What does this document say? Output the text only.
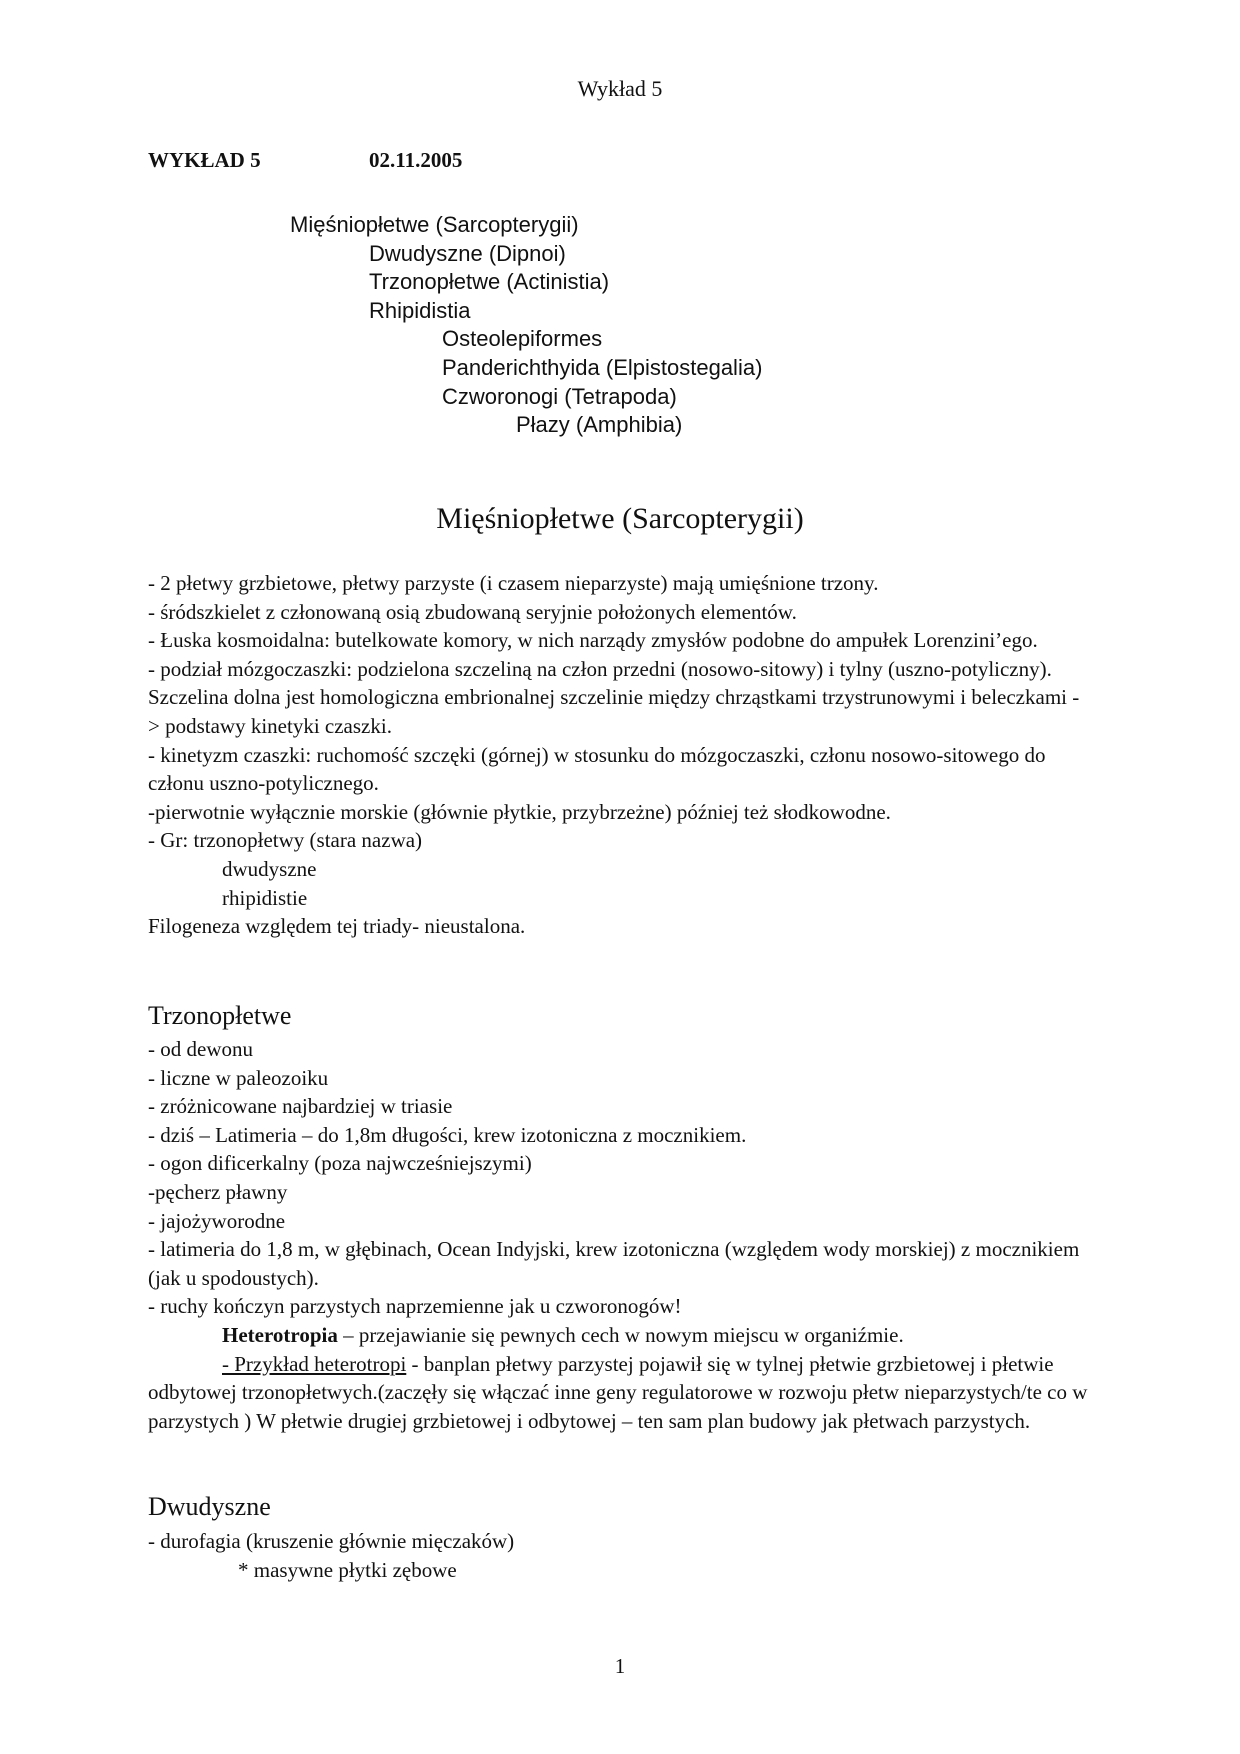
Wykład 5
WYKŁAD 5	02.11.2005
Mięśniopłetwe (Sarcopterygii)
Dwudyszne (Dipnoi)
Trzonopłetwe (Actinistia)
Rhipidistia
Osteolepiformes
Panderichthyida (Elpistostegalia)
Czworonogi (Tetrapoda)
Płazy (Amphibia)
Mięśniopłetwe (Sarcopterygii)

- 2 płetwy grzbietowe, płetwy parzyste (i czasem nieparzyste) mają umięśnione trzony.

- śródszkielet z członowaną osią zbudowaną seryjnie położonych elementów.

- Łuska kosmoidalna: butelkowate komory, w nich narządy zmysłów podobne do ampułek Lorenzini’ego.

- podział mózgoczaszki: podzielona szczeliną na człon przedni (nosowo-sitowy) i tylny (uszno-potyliczny). Szczelina dolna jest homologiczna embrionalnej szczelinie między chrząstkami trzystrunowymi i beleczkami -> podstawy kinetyki czaszki.

- kinetyzm czaszki: ruchomość szczęki (górnej) w stosunku do mózgoczaszki, członu nosowo-sitowego do członu uszno-potylicznego.

-pierwotnie wyłącznie morskie (głównie płytkie, przybrzeżne) później też słodkowodne.

- Gr: trzonopłetwy (stara nazwa)

dwudyszne

rhipidistie

Filogeneza względem tej triady- nieustalona.

Trzonopłetwe

- od dewonu

- liczne w paleozoiku

- zróżnicowane najbardziej w triasie

- dziś – Latimeria – do 1,8m długości, krew izotoniczna z mocznikiem.

- ogon dificerkalny (poza najwcześniejszymi)

-pęcherz pławny

- jajożyworodne

- latimeria do 1,8 m, w głębinach, Ocean Indyjski, krew izotoniczna (względem wody morskiej) z mocznikiem (jak u spodoustych).

- ruchy kończyn parzystych naprzemienne jak u czworonogów!

Heterotropia – przejawianie się pewnych cech w nowym miejscu w organiźmie.

- Przykład heterotropi - banplan płetwy parzystej pojawił się w tylnej płetwie grzbietowej i płetwie odbytowej trzonopłetwych.(zaczęły się włączać inne geny regulatorowe w rozwoju płetw nieparzystych/te co w parzystych ) W płetwie drugiej grzbietowej i odbytowej – ten sam plan budowy jak płetwach parzystych.

Dwudyszne

- durofagia (kruszenie głównie mięczaków)

* masywne płytki zębowe

1
